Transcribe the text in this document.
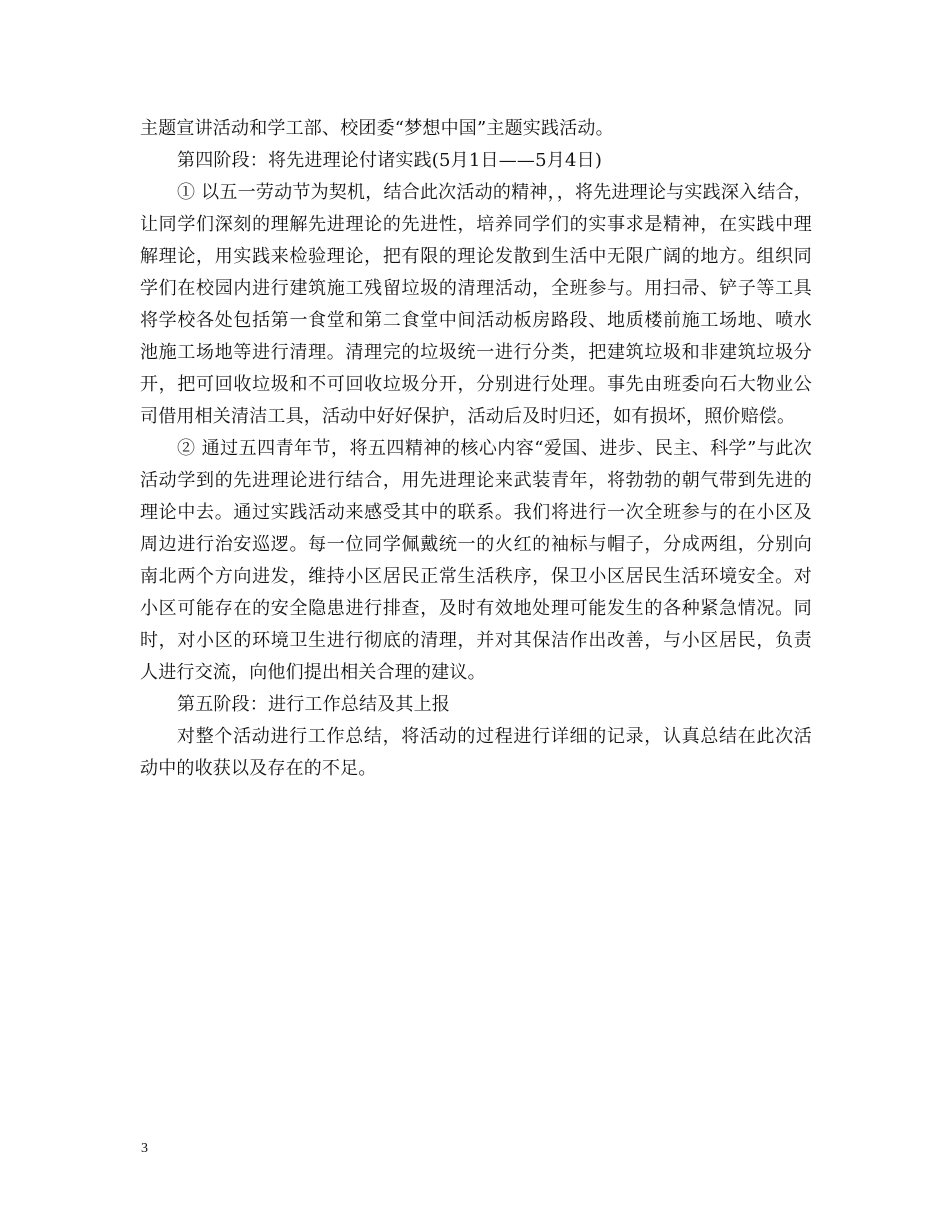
主题宣讲活动和学工部、校团委“梦想中国”主题实践活动。

第四阶段：将先进理论付诸实践(5月1日——5月4日)

① 以五一劳动节为契机，结合此次活动的精神，，将先进理论与实践深入结合，让同学们深刻的理解先进理论的先进性，培养同学们的实事求是精神，在实践中理解理论，用实践来检验理论，把有限的理论发散到生活中无限广阔的地方。组织同学们在校园内进行建筑施工残留垃圾的清理活动，全班参与。用扫帚、铲子等工具将学校各处包括第一食堂和第二食堂中间活动板房路段、地质楼前施工场地、喷水池施工场地等进行清理。清理完的垃圾统一进行分类，把建筑垃圾和非建筑垃圾分开，把可回收垃圾和不可回收垃圾分开，分别进行处理。事先由班委向石大物业公司借用相关清洁工具，活动中好好保护，活动后及时归还，如有损坏，照价赔偿。

② 通过五四青年节，将五四精神的核心内容“爱国、进步、民主、科学”与此次活动学到的先进理论进行结合，用先进理论来武装青年，将勃勃的朝气带到先进的理论中去。通过实践活动来感受其中的联系。我们将进行一次全班参与的在小区及周边进行治安巡逻。每一位同学佩戴统一的火红的袖标与帽子，分成两组，分别向南北两个方向进发，维持小区居民正常生活秩序，保卫小区居民生活环境安全。对小区可能存在的安全隐患进行排查，及时有效地处理可能发生的各种紧急情况。同时，对小区的环境卫生进行彻底的清理，并对其保洁作出改善，与小区居民，负责人进行交流，向他们提出相关合理的建议。

第五阶段：进行工作总结及其上报

对整个活动进行工作总结，将活动的过程进行详细的记录，认真总结在此次活动中的收获以及存在的不足。

3
